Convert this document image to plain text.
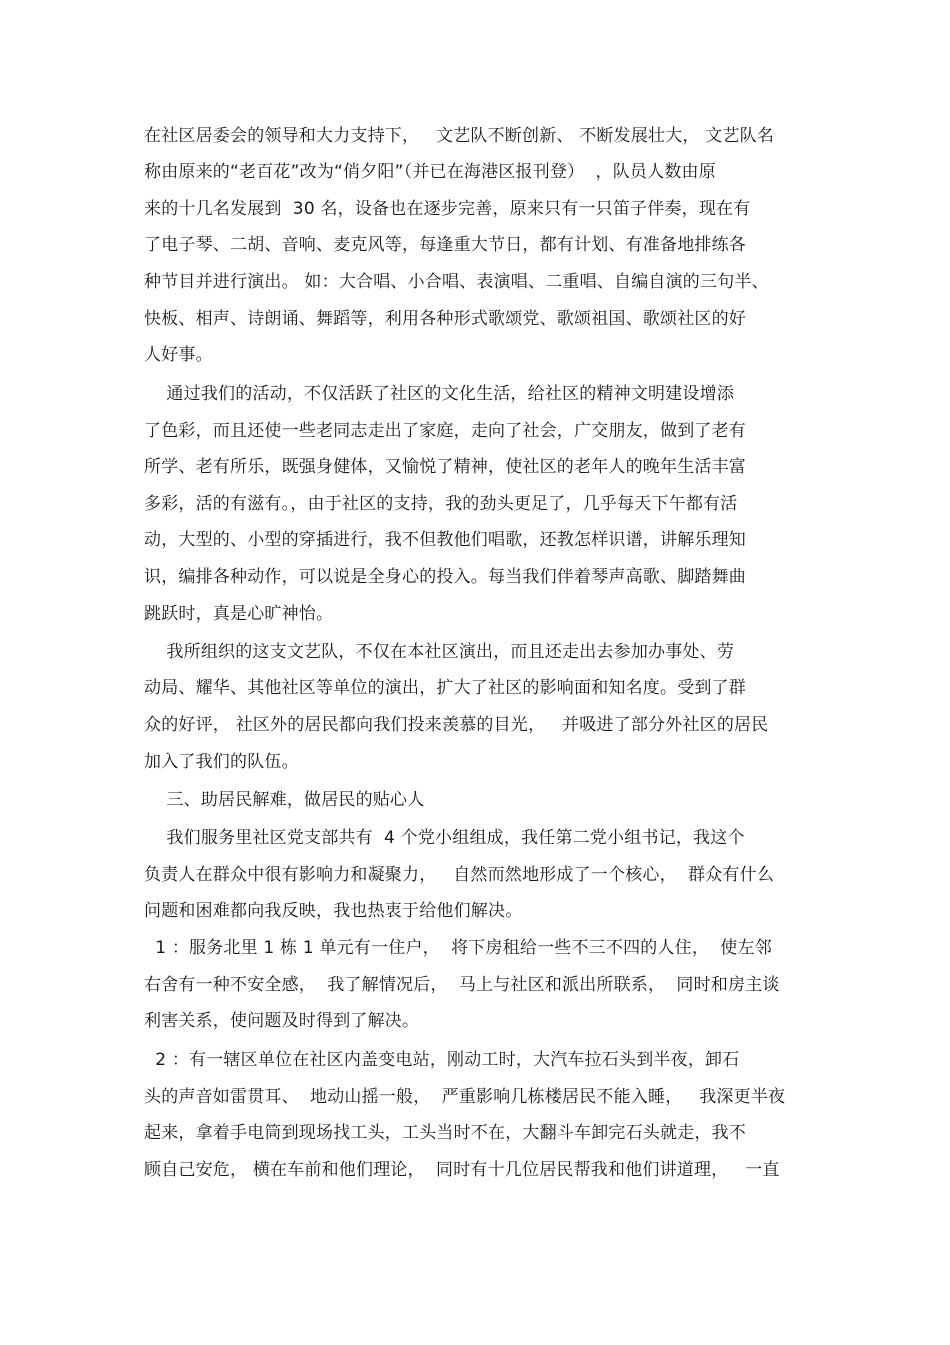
在社区居委会的领导和大力支持下，   文艺队不断创新、 不断发展壮大， 文艺队名
称由原来的“老百花”改为“俏夕阳”（并已在海港区报刊登）  ，队员人数由原
来的十几名发展到  30 名，设备也在逐步完善，原来只有一只笛子伴奏，现在有
了电子琴、二胡、音响、麦克风等，每逢重大节日，都有计划、有准备地排练各
种节目并进行演出。 如：大合唱、小合唱、表演唱、二重唱、自编自演的三句半、
快板、相声、诗朗诵、舞蹈等，利用各种形式歌颂党、歌颂祖国、歌颂社区的好
人好事。
通过我们的活动，不仅活跃了社区的文化生活，给社区的精神文明建设增添
了色彩，而且还使一些老同志走出了家庭，走向了社会，广交朋友，做到了老有
所学、老有所乐，既强身健体，又愉悦了精神，使社区的老年人的晚年生活丰富
多彩，活的有滋有。，由于社区的支持，我的劲头更足了，几乎每天下午都有活
动，大型的、小型的穿插进行，我不但教他们唱歌，还教怎样识谱，讲解乐理知
识，编排各种动作，可以说是全身心的投入。每当我们伴着琴声高歌、脚踏舞曲
跳跃时，真是心旷神怡。
我所组织的这支文艺队，不仅在本社区演出，而且还走出去参加办事处、劳
动局、耀华、其他社区等单位的演出，扩大了社区的影响面和知名度。受到了群
众的好评， 社区外的居民都向我们投来羡慕的目光，   并吸进了部分外社区的居民
加入了我们的队伍。
三、助居民解难，做居民的贴心人
我们服务里社区党支部共有  4 个党小组组成，我任第二党小组书记，我这个
负责人在群众中很有影响力和凝聚力，   自然而然地形成了一个核心，  群众有什么
问题和困难都向我反映，我也热衷于给他们解决。
1 ：服务北里 1 栋 1 单元有一住户，  将下房租给一些不三不四的人住，  使左邻
右舍有一种不安全感，  我了解情况后，  马上与社区和派出所联系，  同时和房主谈
利害关系，使问题及时得到了解决。
2 ：有一辖区单位在社区内盖变电站，刚动工时，大汽车拉石头到半夜，卸石
头的声音如雷贯耳、  地动山摇一般，  严重影响几栋楼居民不能入睡，   我深更半夜
起来，拿着手电筒到现场找工头，工头当时不在，大翻斗车卸完石头就走，我不
顾自己安危， 横在车前和他们理论，  同时有十几位居民帮我和他们讲道理，   一直
